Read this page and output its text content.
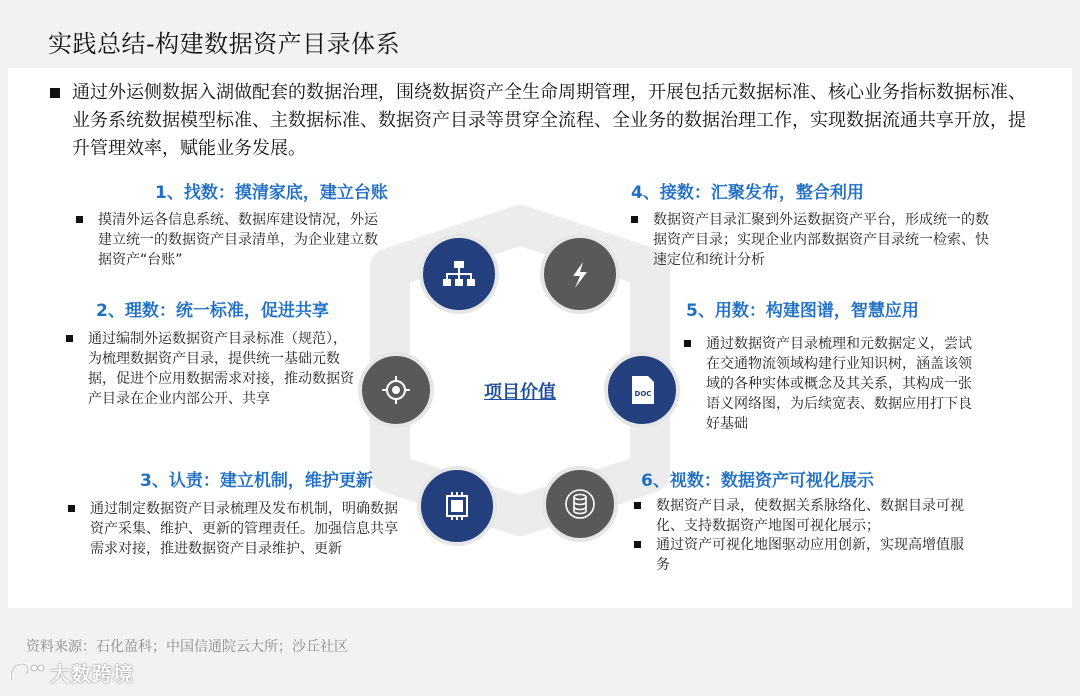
实践总结-构建数据资产目录体系
通过外运侧数据入湖做配套的数据治理，围绕数据资产全生命周期管理，开展包括元数据标准、核心业务指标数据标准、业务系统数据模型标准、主数据标准、数据资产目录等贯穿全流程、全业务的数据治理工作，实现数据流通共享开放，提升管理效率，赋能业务发展。
DOC
项目价值
1、找数：摸清家底，建立台账
摸清外运各信息系统、数据库建设情况，外运建立统一的数据资产目录清单，为企业建立数据资产“台账”
2、理数：统一标准，促进共享
通过编制外运数据资产目录标准（规范），为梳理数据资产目录，提供统一基础元数据，促进个应用数据需求对接，推动数据资产目录在企业内部公开、共享
3、认责：建立机制，维护更新
通过制定数据资产目录梳理及发布机制，明确数据资产采集、维护、更新的管理责任。加强信息共享需求对接，推进数据资产目录维护、更新
4、接数：汇聚发布，整合利用
数据资产目录汇聚到外运数据资产平台，形成统一的数据资产目录；实现企业内部数据资产目录统一检索、快速定位和统计分析
5、用数：构建图谱，智慧应用
通过数据资产目录梳理和元数据定义，尝试在交通物流领域构建行业知识树，涵盖该领域的各种实体或概念及其关系，其构成一张语义网络图，为后续宽表、数据应用打下良好基础
6、视数：数据资产可视化展示
数据资产目录，使数据关系脉络化、数据目录可视化、支持数据资产地图可视化展示；
通过资产可视化地图驱动应用创新，实现高增值服务
资料来源：石化盈科；中国信通院云大所；沙丘社区
大数跨境
